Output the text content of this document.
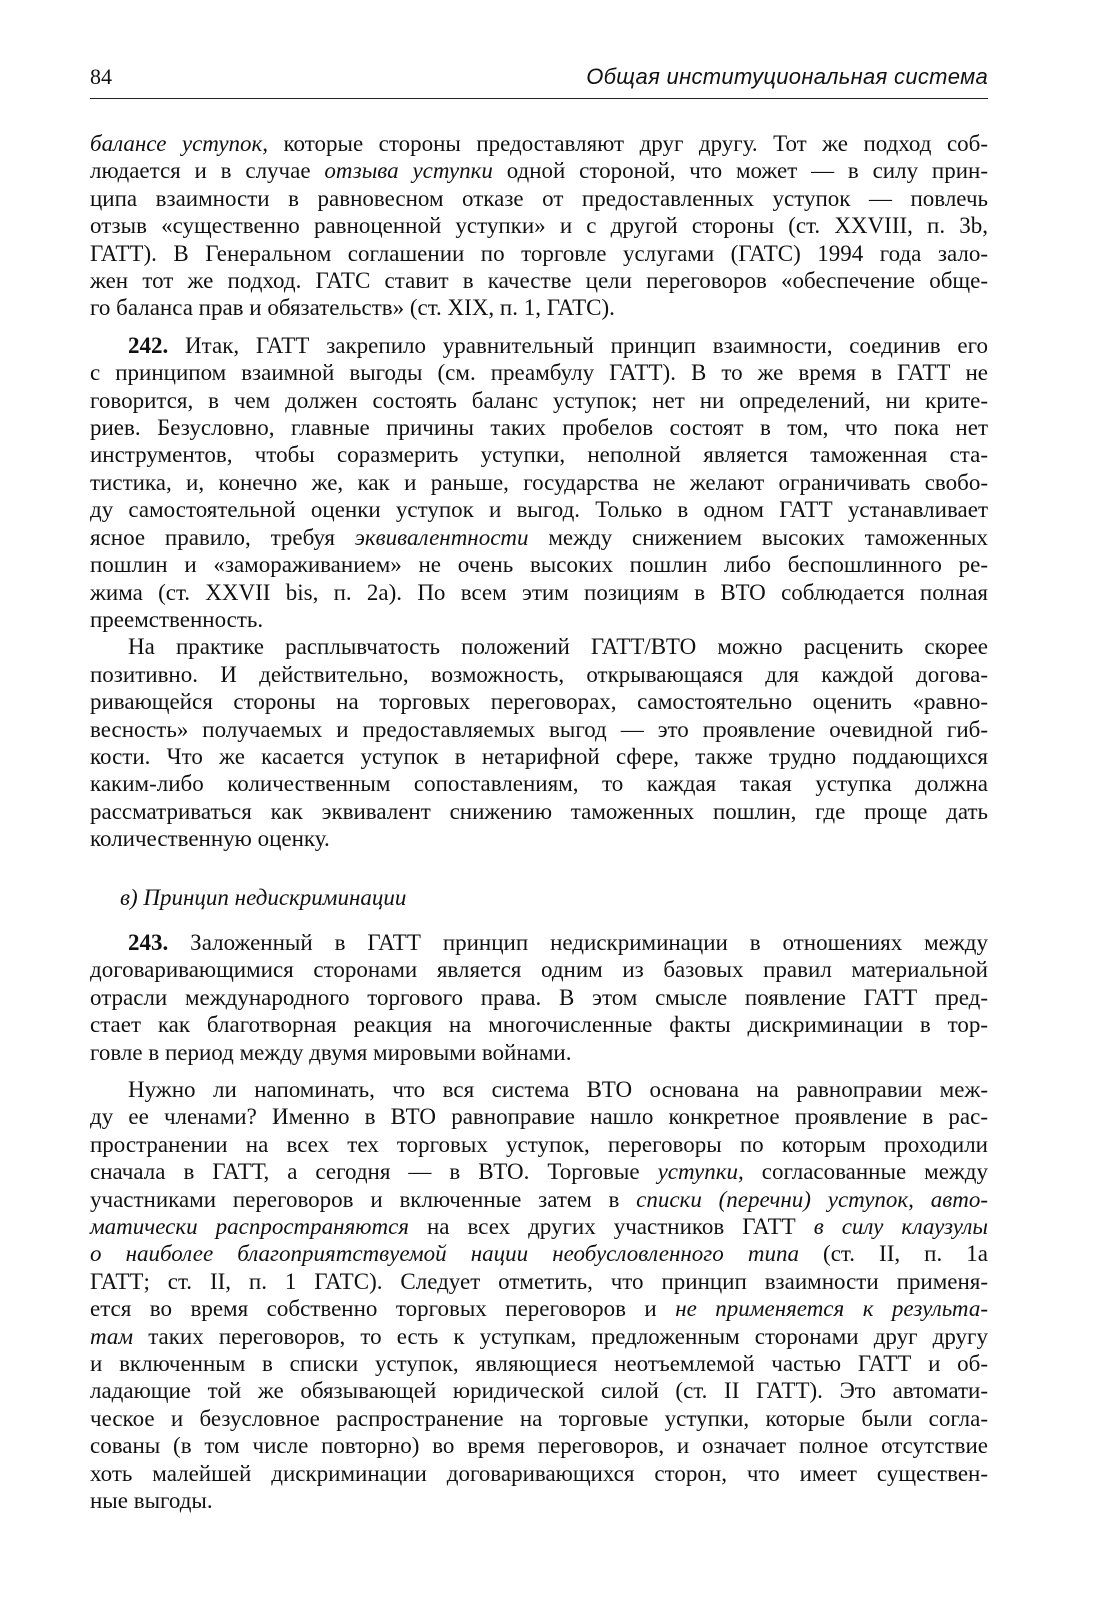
84	Общая институциональная система

балансе уступок, которые стороны предоставляют друг другу. Тот же подход соб-

людается и в случае отзыва уступки одной стороной, что может — в силу прин-

ципа взаимности в равновесном отказе от предоставленных уступок — повлечь

отзыв «существенно равноценной уступки» и с другой стороны (ст. XXVIII, п. 3b,

ГАТТ). В Генеральном соглашении по торговле услугами (ГАТС) 1994 года зало-

жен тот же подход. ГАТС ставит в качестве цели переговоров «обеспечение обще-

го баланса прав и обязательств» (ст. XIX, п. 1, ГАТС).

242. Итак, ГАТТ закрепило уравнительный принцип взаимности, соединив его

с принципом взаимной выгоды (см. преамбулу ГАТТ). В то же время в ГАТТ не

говорится, в чем должен состоять баланс уступок; нет ни определений, ни крите-

риев. Безусловно, главные причины таких пробелов состоят в том, что пока нет

инструментов, чтобы соразмерить уступки, неполной является таможенная ста-

тистика, и, конечно же, как и раньше, государства не желают ограничивать свобо-

ду самостоятельной оценки уступок и выгод. Только в одном ГАТТ устанавливает

ясное правило, требуя эквивалентности между снижением высоких таможенных

пошлин и «замораживанием» не очень высоких пошлин либо беспошлинного ре-

жима (ст. XXVII bis, п. 2a). По всем этим позициям в ВТО соблюдается полная

преемственность.

На практике расплывчатость положений ГАТТ/ВТО можно расценить скорее

позитивно. И действительно, возможность, открывающаяся для каждой догова-

ривающейся стороны на торговых переговорах, самостоятельно оценить «равно-

весность» получаемых и предоставляемых выгод — это проявление очевидной гиб-

кости. Что же касается уступок в нетарифной сфере, также трудно поддающихся

каким-либо количественным сопоставлениям, то каждая такая уступка должна

рассматриваться как эквивалент снижению таможенных пошлин, где проще дать

количественную оценку.

в) Принцип недискриминации

243. Заложенный в ГАТТ принцип недискриминации в отношениях между

договаривающимися сторонами является одним из базовых правил материальной

отрасли международного торгового права. В этом смысле появление ГАТТ пред-

стает как благотворная реакция на многочисленные факты дискриминации в тор-

говле в период между двумя мировыми войнами.

Нужно ли напоминать, что вся система ВТО основана на равноправии меж-

ду ее членами? Именно в ВТО равноправие нашло конкретное проявление в рас-

пространении на всех тех торговых уступок, переговоры по которым проходили

сначала в ГАТТ, а сегодня — в ВТО. Торговые уступки, согласованные между

участниками переговоров и включенные затем в списки (перечни) уступок, авто-

матически распространяются на всех других участников ГАТТ в силу клаузулы

о наиболее благоприятствуемой нации необусловленного типа (ст. II, п. 1a

ГАТТ; ст. II, п. 1 ГАТС). Следует отметить, что принцип взаимности применя-

ется во время собственно торговых переговоров и не применяется к результа-

там таких переговоров, то есть к уступкам, предложенным сторонами друг другу

и включенным в списки уступок, являющиеся неотъемлемой частью ГАТТ и об-

ладающие той же обязывающей юридической силой (ст. II ГАТТ). Это автомати-

ческое и безусловное распространение на торговые уступки, которые были согла-

сованы (в том числе повторно) во время переговоров, и означает полное отсутствие

хоть малейшей дискриминации договаривающихся сторон, что имеет существен-

ные выгоды.
